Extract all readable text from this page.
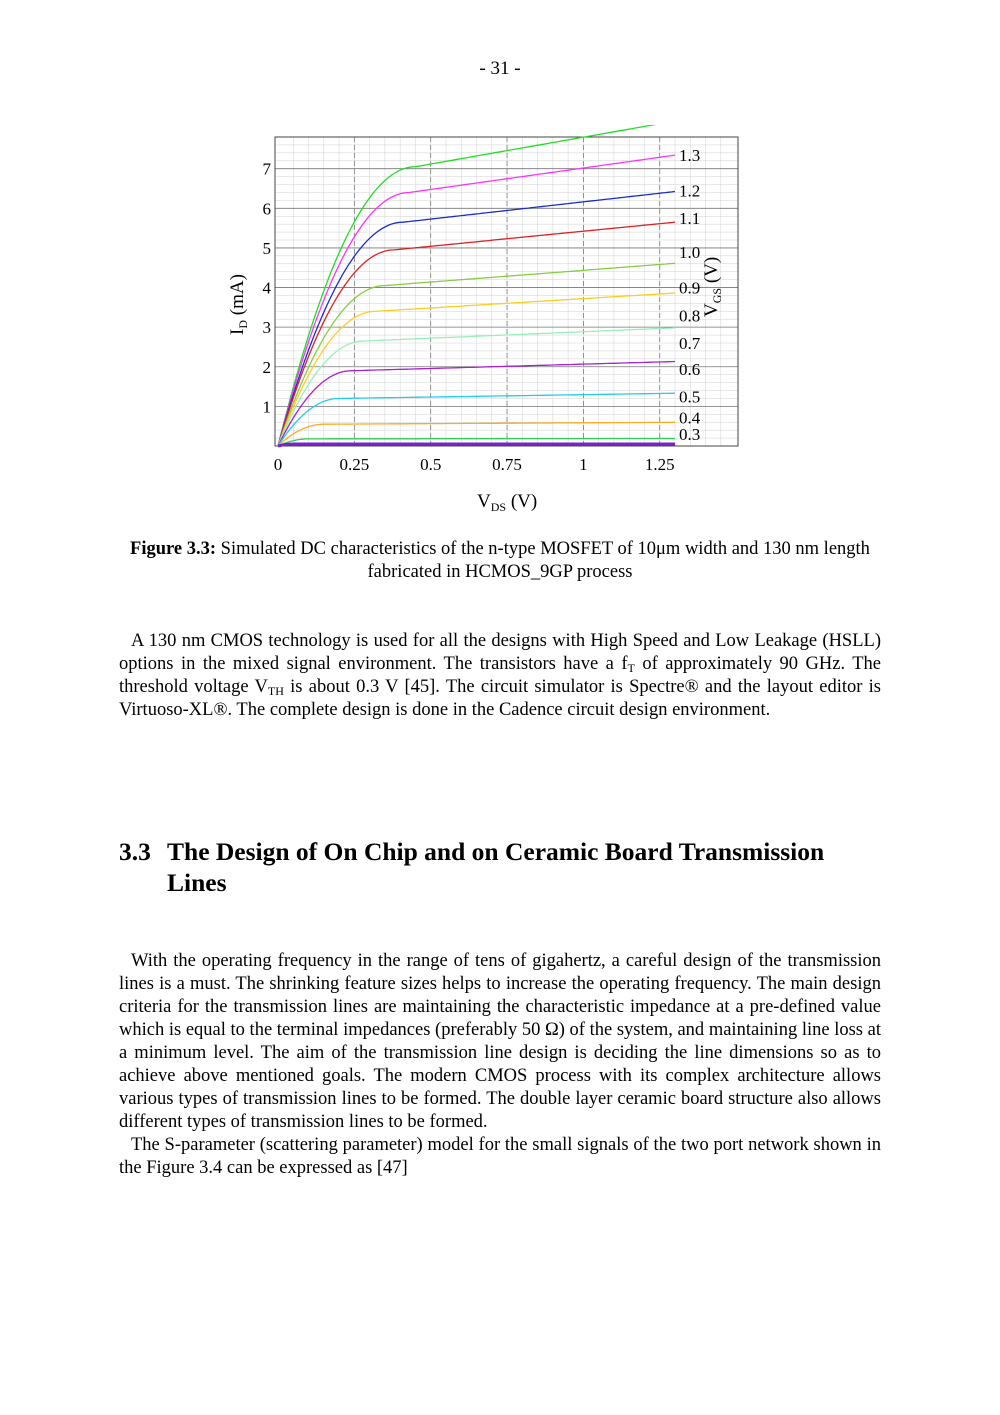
- 31 -
0	0.25	0.5	0.75	1	1.25
1
2
3
4
5
6
7
1.3
1.2
1.1
1.0
0.9
0.8
0.7
0.6
0.5
0.4
0.3
$I_D$ (mA)
$V_{DS}$ (V)
$V_{GS}$ (V)
Figure 3.3: Simulated DC characteristics of the n-type MOSFET of 10μm width and 130 nm length fabricated in HCMOS_9GP process

A 130 nm CMOS technology is used for all the designs with High Speed and Low Leakage (HSLL) options in the mixed signal environment. The transistors have a $f_T$ of approximately 90 GHz. The threshold voltage $V_{TH}$ is about 0.3 V [45]. The circuit simulator is Spectre® and the layout editor is Virtuoso-XL®. The complete design is done in the Cadence circuit design environment.

3.3 The Design of On Chip and on Ceramic Board Transmission Lines

With the operating frequency in the range of tens of gigahertz, a careful design of the transmission lines is a must. The shrinking feature sizes helps to increase the operating frequency. The main design criteria for the transmission lines are maintaining the characteristic impedance at a pre-defined value which is equal to the terminal impedances (preferably 50 Ω) of the system, and maintaining line loss at a minimum level. The aim of the transmission line design is deciding the line dimensions so as to achieve above mentioned goals. The modern CMOS process with its complex architecture allows various types of transmission lines to be formed. The double layer ceramic board structure also allows different types of transmission lines to be formed.

The S-parameter (scattering parameter) model for the small signals of the two port network shown in the Figure 3.4 can be expressed as [47]
